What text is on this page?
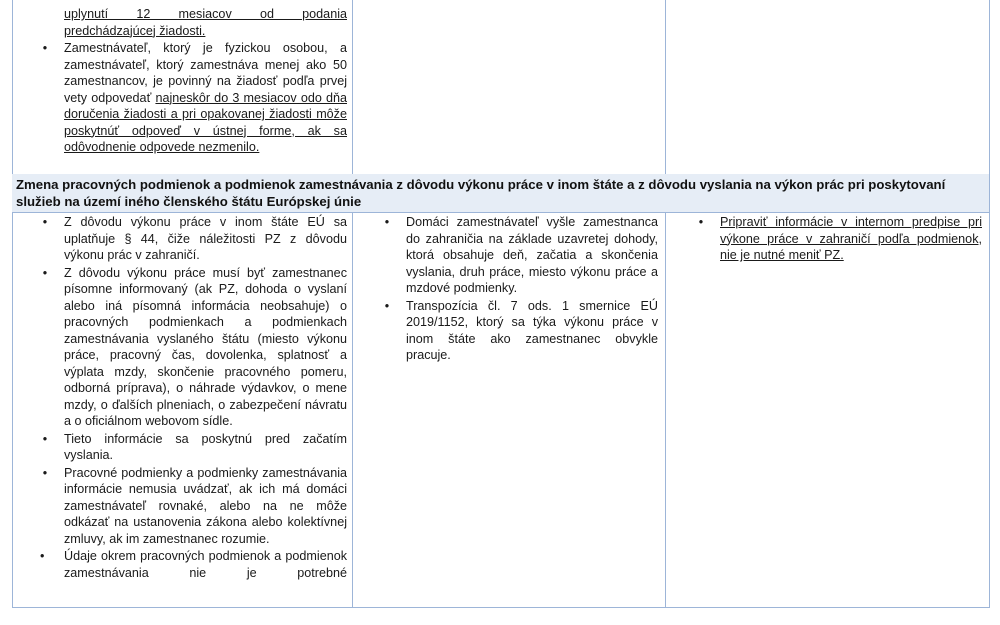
uplynutí 12 mesiacov od podania
predchádzajúcej žiadosti.
• Zamestnávateľ, ktorý je fyzickou osobou, a zamestnávateľ, ktorý zamestnáva menej ako 50 zamestnancov, je povinný na žiadosť podľa prvej vety odpovedať najneskôr do 3 mesiacov odo dňa doručenia žiadosti a pri opakovanej žiadosti môže poskytnúť odpoveď v ústnej forme, ak sa odôvodnenie odpovede nezmenilo.
Zmena pracovných podmienok a podmienok zamestnávania z dôvodu výkonu práce v inom štáte a z dôvodu vyslania na výkon prác pri poskytovaní služieb na území iného členského štátu Európskej únie
• Z dôvodu výkonu práce v inom štáte EÚ sa uplatňuje § 44, čiže náležitosti PZ z dôvodu výkonu prác v zahraničí.
• Z dôvodu výkonu práce musí byť zamestnanec písomne informovaný (ak PZ, dohoda o vyslaní alebo iná písomná informácia neobsahuje) o pracovných podmienkach a podmienkach zamestnávania vyslaného štátu (miesto výkonu práce, pracovný čas, dovolenka, splatnosť a výplata mzdy, skončenie pracovného pomeru, odborná príprava), o náhrade výdavkov, o mene mzdy, o ďalších plneniach, o zabezpečení návratu a o oficiálnom webovom sídle.
• Tieto informácie sa poskytnú pred začatím vyslania.
• Pracovné podmienky a podmienky zamestnávania informácie nemusia uvádzať, ak ich má domáci zamestnávateľ rovnaké, alebo na ne môže odkázať na ustanovenia zákona alebo kolektívnej zmluvy, ak im zamestnanec rozumie.
•	Údaje okrem pracovných podmienok a podmienok zamestnávania nie je potrebné
• Domáci zamestnávateľ vyšle zamestnanca do zahraničia na základe uzavretej dohody, ktorá obsahuje deň, začatia a skončenia vyslania, druh práce, miesto výkonu práce a mzdové podmienky.
• Transpozícia čl. 7 ods. 1 smernice EÚ 2019/1152, ktorý sa týka výkonu práce v inom štáte ako zamestnanec obvykle pracuje.
• Pripraviť informácie v internom predpise pri výkone práce v zahraničí podľa podmienok, nie je nutné meniť PZ.
